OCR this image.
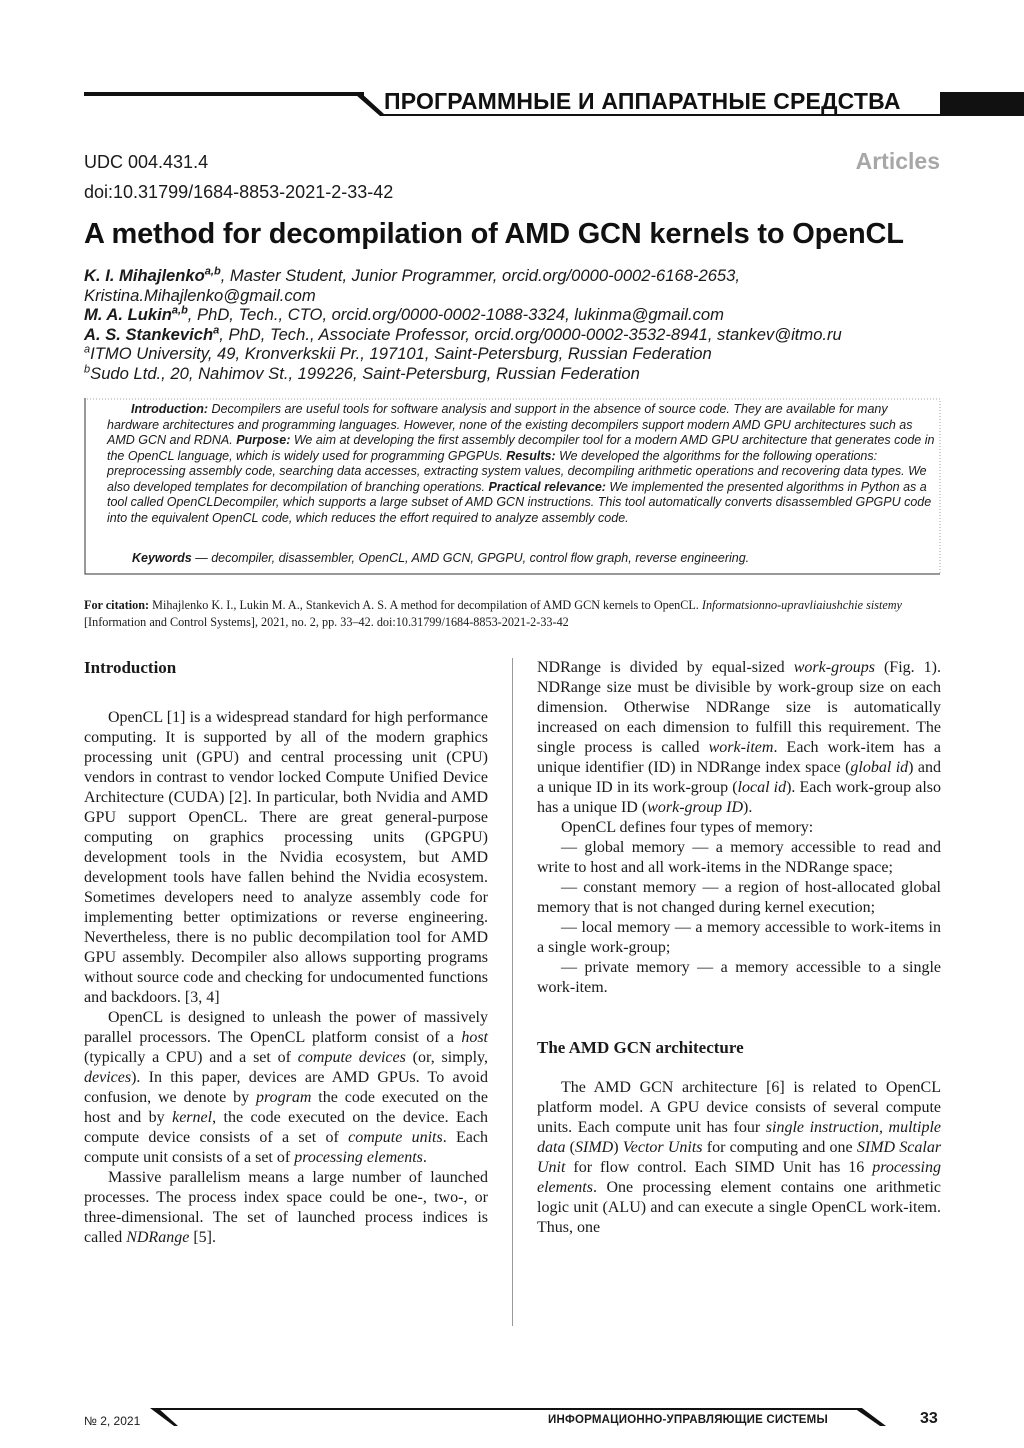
ПРОГРАММНЫЕ И АППАРАТНЫЕ СРЕДСТВА
UDC 004.431.4
doi:10.31799/1684-8853-2021-2-33-42
Articles
A method for decompilation of AMD GCN kernels to OpenCL
K. I. Mihajlenko$^{a,b}$, Master Student, Junior Programmer, orcid.org/0000-0002-6168-2653,
Kristina.Mihajlenko@gmail.com
M. A. Lukin$^{a,b}$, PhD, Tech., CTO, orcid.org/0000-0002-1088-3324, lukinma@gmail.com
A. S. Stankevich$^a$, PhD, Tech., Associate Professor, orcid.org/0000-0002-3532-8941, stankev@itmo.ru
$^a$ITMO University, 49, Kronverkskii Pr., 197101, Saint-Petersburg, Russian Federation
$^b$Sudo Ltd., 20, Nahimov St., 199226, Saint-Petersburg, Russian Federation
Introduction: Decompilers are useful tools for software analysis and support in the absence of source code. They are available for many hardware architectures and programming languages. However, none of the existing decompilers support modern AMD GPU architectures such as AMD GCN and RDNA. Purpose: We aim at developing the first assembly decompiler tool for a modern AMD GPU architecture that generates code in the OpenCL language, which is widely used for programming GPGPUs. Results: We developed the algorithms for the following operations: preprocessing assembly code, searching data accesses, extracting system values, decompiling arithmetic operations and recovering data types. We also developed templates for decompilation of branching operations. Practical relevance: We implemented the presented algorithms in Python as a tool called OpenCLDecompiler, which supports a large subset of AMD GCN instructions. This tool automatically converts disassembled GPGPU code into the equivalent OpenCL code, which reduces the effort required to analyze assembly code.
Keywords — decompiler, disassembler, OpenCL, AMD GCN, GPGPU, control flow graph, reverse engineering.
For citation: Mihajlenko K. I., Lukin M. A., Stankevich A. S. A method for decompilation of AMD GCN kernels to OpenCL. Informatsionno-upravliaiushchie sistemy [Information and Control Systems], 2021, no. 2, pp. 33–42. doi:10.31799/1684-8853-2021-2-33-42
Introduction

OpenCL [1] is a widespread standard for high performance computing. It is supported by all of the modern graphics processing unit (GPU) and central processing unit (CPU) vendors in contrast to vendor locked Compute Unified Device Architecture (CUDA) [2]. In particular, both Nvidia and AMD GPU support OpenCL. There are great general-purpose computing on graphics processing units (GPGPU) development tools in the Nvidia ecosystem, but AMD development tools have fallen behind the Nvidia ecosystem. Sometimes developers need to analyze assembly code for implementing better optimizations or reverse engineering. Nevertheless, there is no public decompilation tool for AMD GPU assembly. Decompiler also allows supporting programs without source code and checking for undocumented functions and backdoors. [3, 4]

OpenCL is designed to unleash the power of massively parallel processors. The OpenCL platform consist of a host (typically a CPU) and a set of compute devices (or, simply, devices). In this paper, devices are AMD GPUs. To avoid confusion, we denote by program the code executed on the host and by kernel, the code executed on the device. Each compute device consists of a set of compute units. Each compute unit consists of a set of processing elements.

Massive parallelism means a large number of launched processes. The process index space could be one-, two-, or three-dimensional. The set of launched process indices is called NDRange [5].

NDRange is divided by equal-sized work-groups (Fig. 1). NDRange size must be divisible by work-group size on each dimension. Otherwise NDRange size is automatically increased on each dimension to fulfill this requirement. The single process is called work-item. Each work-item has a unique identifier (ID) in NDRange index space (global id) and a unique ID in its work-group (local id). Each work-group also has a unique ID (work-group ID).

OpenCL defines four types of memory:

— global memory — a memory accessible to read and write to host and all work-items in the NDRange space;

— constant memory — a region of host-allocated global memory that is not changed during kernel execution;

— local memory — a memory accessible to work-items in a single work-group;

— private memory — a memory accessible to a single work-item.

The AMD GCN architecture

The AMD GCN architecture [6] is related to OpenCL platform model. A GPU device consists of several compute units. Each compute unit has four single instruction, multiple data (SIMD) Vector Units for computing and one SIMD Scalar Unit for flow control. Each SIMD Unit has 16 processing elements. One processing element contains one arithmetic logic unit (ALU) and can execute a single OpenCL work-item. Thus, one

№ 2, 2021	ИНФОРМАЦИОННО-УПРАВЛЯЮЩИЕ СИСТЕМЫ	33
